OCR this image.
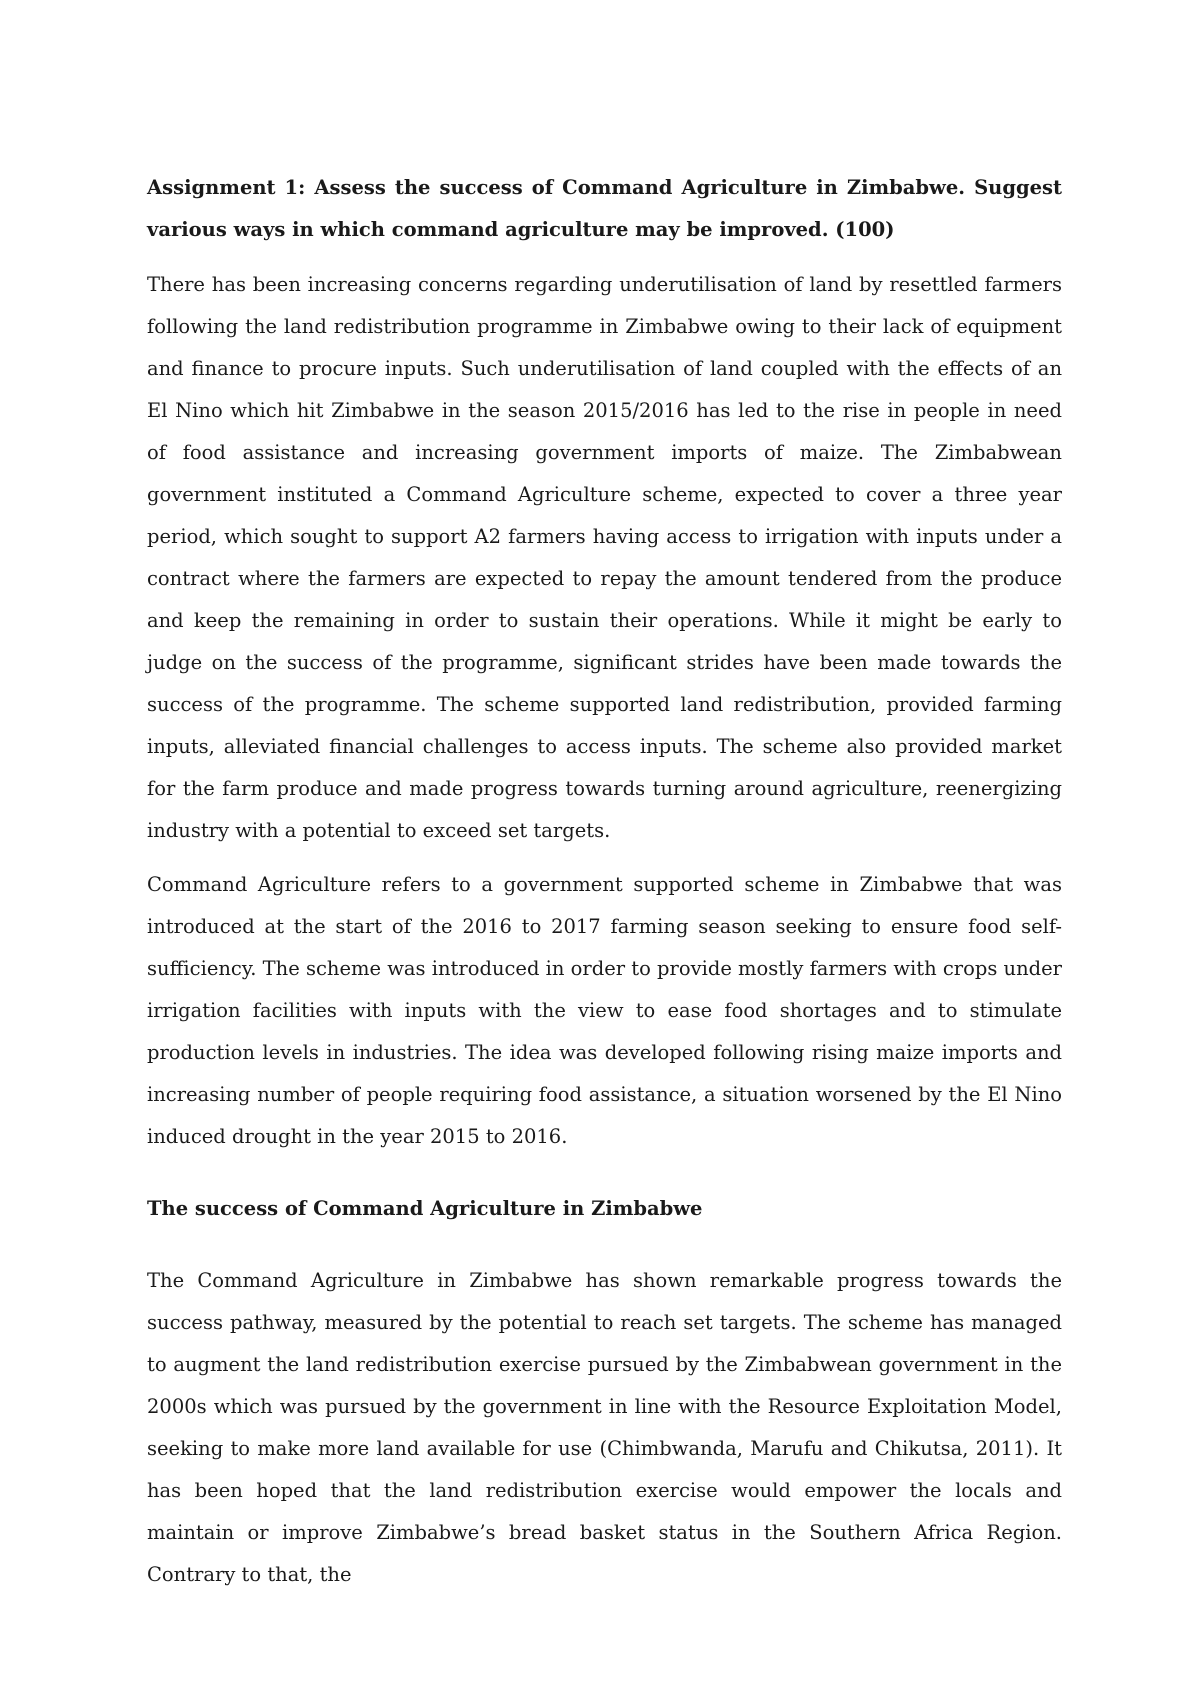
Assignment 1: Assess the success of Command Agriculture in Zimbabwe. Suggest various ways in which command agriculture may be improved. (100)

There has been increasing concerns regarding underutilisation of land by resettled farmers following the land redistribution programme in Zimbabwe owing to their lack of equipment and finance to procure inputs. Such underutilisation of land coupled with the effects of an El Nino which hit Zimbabwe in the season 2015/2016 has led to the rise in people in need of food assistance and increasing government imports of maize. The Zimbabwean government instituted a Command Agriculture scheme, expected to cover a three year period, which sought to support A2 farmers having access to irrigation with inputs under a contract where the farmers are expected to repay the amount tendered from the produce and keep the remaining in order to sustain their operations. While it might be early to judge on the success of the programme, significant strides have been made towards the success of the programme. The scheme supported land redistribution, provided farming inputs, alleviated financial challenges to access inputs. The scheme also provided market for the farm produce and made progress towards turning around agriculture, reenergizing industry with a potential to exceed set targets.

Command Agriculture refers to a government supported scheme in Zimbabwe that was introduced at the start of the 2016 to 2017 farming season seeking to ensure food self-sufficiency. The scheme was introduced in order to provide mostly farmers with crops under irrigation facilities with inputs with the view to ease food shortages and to stimulate production levels in industries. The idea was developed following rising maize imports and increasing number of people requiring food assistance, a situation worsened by the El Nino induced drought in the year 2015 to 2016.

The success of Command Agriculture in Zimbabwe

The Command Agriculture in Zimbabwe has shown remarkable progress towards the success pathway, measured by the potential to reach set targets. The scheme has managed to augment the land redistribution exercise pursued by the Zimbabwean government in the 2000s which was pursued by the government in line with the Resource Exploitation Model, seeking to make more land available for use (Chimbwanda, Marufu and Chikutsa, 2011). It has been hoped that the land redistribution exercise would empower the locals and maintain or improve Zimbabwe’s bread basket status in the Southern Africa Region. Contrary to that, the
